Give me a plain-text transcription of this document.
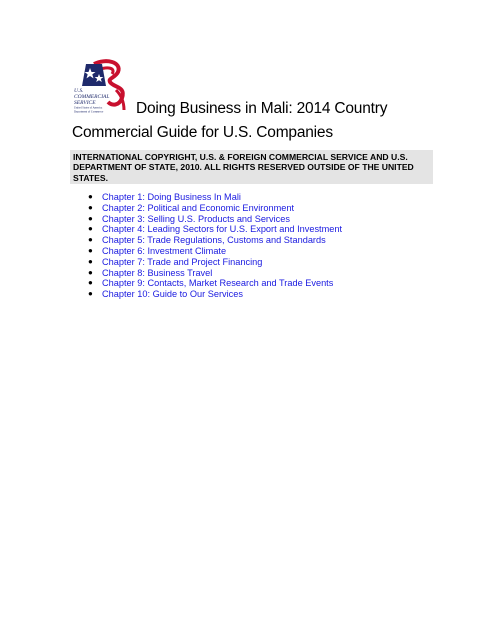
U.S.
COMMERCIAL
SERVICE
United States of America
Department of Commerce Doing Business in Mali: 2014 Country
Commercial Guide for U.S. Companies
INTERNATIONAL COPYRIGHT, U.S. & FOREIGN COMMERCIAL SERVICE AND U.S. DEPARTMENT OF STATE, 2010. ALL RIGHTS RESERVED OUTSIDE OF THE UNITED STATES.
● Chapter 1: Doing Business In Mali
● Chapter 2: Political and Economic Environment
● Chapter 3: Selling U.S. Products and Services
● Chapter 4: Leading Sectors for U.S. Export and Investment
● Chapter 5: Trade Regulations, Customs and Standards
● Chapter 6: Investment Climate
● Chapter 7: Trade and Project Financing
● Chapter 8: Business Travel
● Chapter 9: Contacts, Market Research and Trade Events
● Chapter 10: Guide to Our Services
